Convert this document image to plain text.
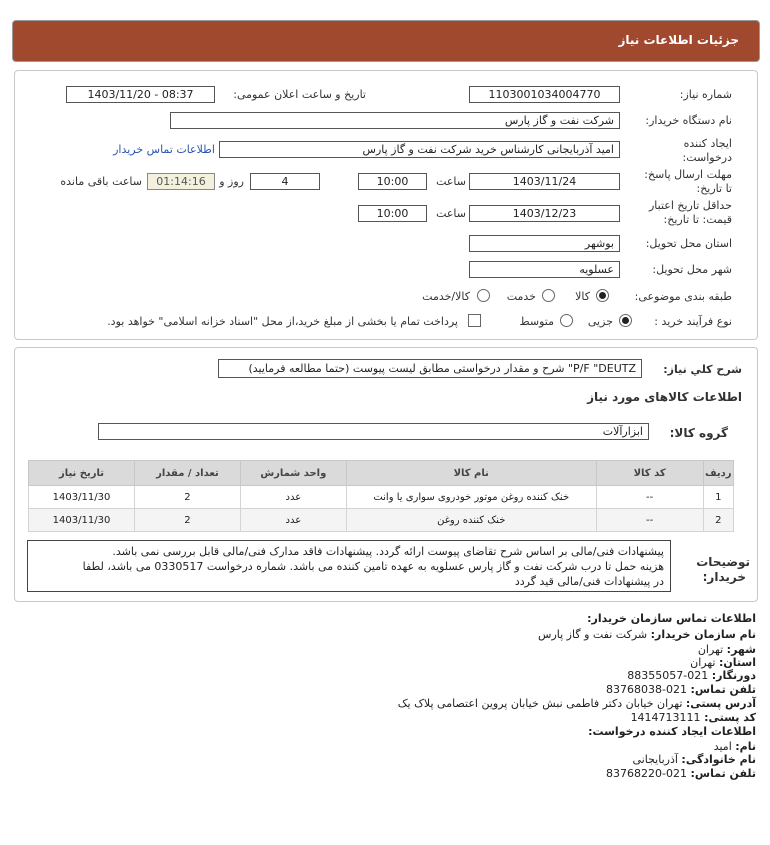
جزئیات اطلاعات نیاز

شماره نیاز:
1103001034004770
تاریخ و ساعت اعلان عمومی:
1403/11/20 - 08:37
نام دستگاه خریدار:
شرکت نفت و گاز پارس
ایجاد کننده
درخواست:
امید آذربایجانی کارشناس خرید شرکت نفت و گاز پارس
اطلاعات تماس خریدار
مهلت ارسال پاسخ:
تا تاریخ:
1403/11/24
ساعت
10:00
4
روز و
01:14:16
ساعت باقی مانده
حداقل تاریخ اعتبار
قیمت: تا تاریخ:
1403/12/23
ساعت
10:00
استان محل تحویل:
بوشهر
شهر محل تحویل:
عسلویه
طبقه بندی موضوعی:
کالا
خدمت
کالا/خدمت
نوع فرآیند خرید :
جزیی
متوسط
پرداخت تمام یا بخشی از مبلغ خرید،از محل "اسناد خزانه اسلامی" خواهد بود.
شرح کلي نياز:
P/F "DEUTZ" شرح و مقدار درخواستی مطابق لیست پیوست (حتما مطالعه فرمایید)
اطلاعات کالاهای مورد نیاز
گروه کالا:
ابزارآلات
ردیف	کد کالا	نام کالا	واحد شمارش	تعداد / مقدار	تاریخ نیاز
1	--	خنک کننده روغن موتور خودروی سواری یا وانت	عدد	2	1403/11/30
2	--	خنک کننده روغن	عدد	2	1403/11/30
توضیحات
خریدار:
پیشنهادات فنی/مالی بر اساس شرح تقاضای پیوست ارائه گردد. پیشنهادات فاقد مدارک فنی/مالی قابل بررسی نمی باشد.
هزینه حمل تا درب شرکت نفت و گاز پارس عسلویه به عهده تامین کننده می باشد. شماره درخواست 0330517 می باشد، لطفا
در پیشنهادات فنی/مالی قید گردد
اطلاعات تماس سازمان خریدار:
نام سازمان خریدار: شرکت نفت و گاز پارس
شهر: تهران
استان: تهران
دورنگار: 021-88355057
تلفن تماس: 021-83768038
آدرس پستی: تهران خیابان دکتر فاطمی نبش خیابان پروین اعتصامی پلاک یک
کد پستی: 1414713111
اطلاعات ایجاد کننده درخواست:
نام: امید
نام خانوادگی: آذربایجانی
تلفن تماس: 021-83768220
